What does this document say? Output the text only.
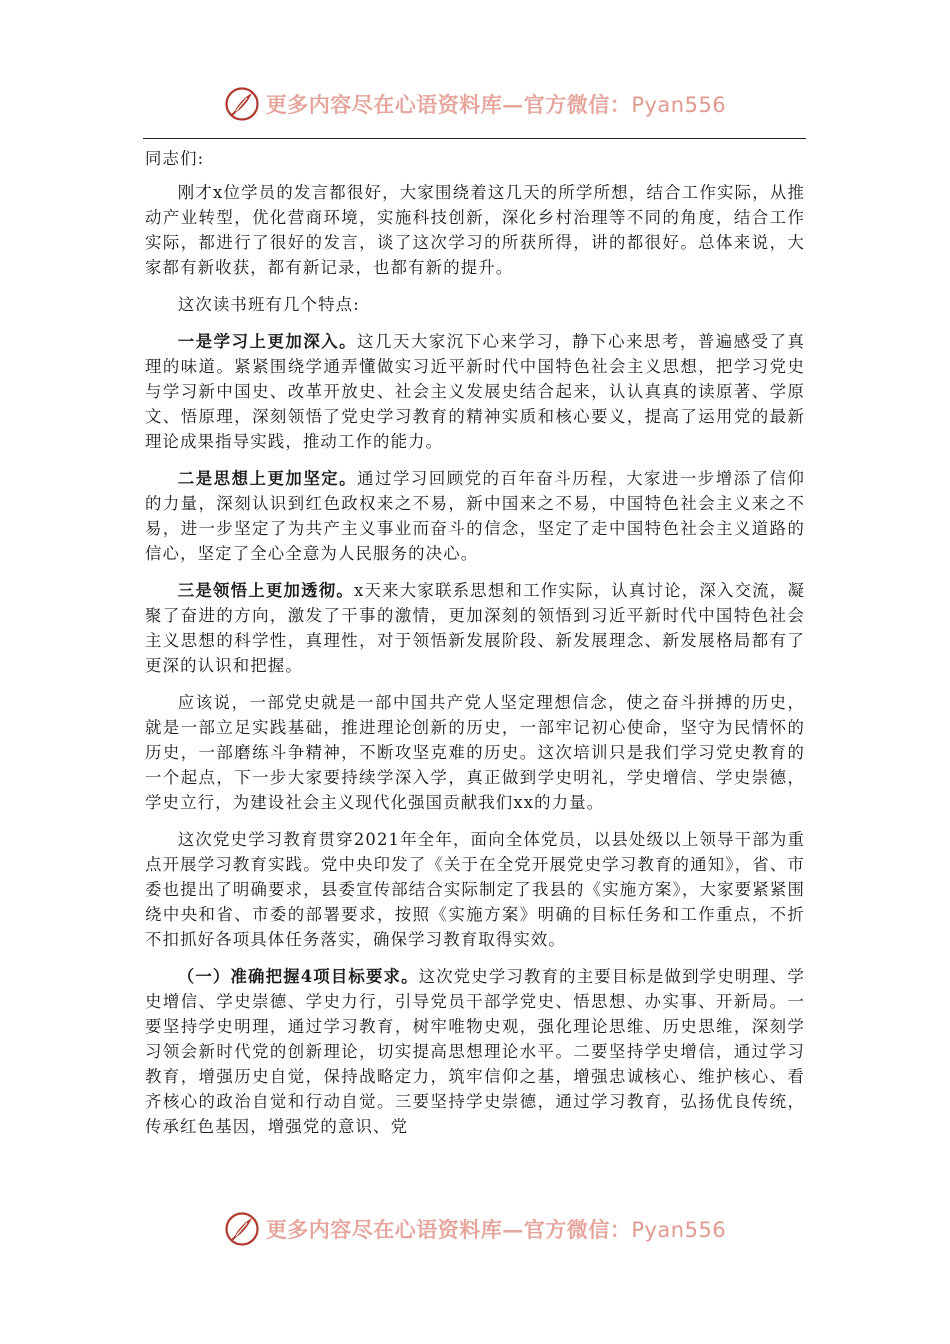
更多内容尽在心语资料库—官方微信：Pyan556

同志们:

刚才x位学员的发言都很好，大家围绕着这几天的所学所想，结合工作实际，从推动产业转型，优化营商环境，实施科技创新，深化乡村治理等不同的角度，结合工作实际，都进行了很好的发言，谈了这次学习的所获所得，讲的都很好。总体来说，大家都有新收获，都有新记录，也都有新的提升。

这次读书班有几个特点:

一是学习上更加深入。这几天大家沉下心来学习，静下心来思考，普遍感受了真理的味道。紧紧围绕学通弄懂做实习近平新时代中国特色社会主义思想，把学习党史与学习新中国史、改革开放史、社会主义发展史结合起来，认认真真的读原著、学原文、悟原理，深刻领悟了党史学习教育的精神实质和核心要义，提高了运用党的最新理论成果指导实践，推动工作的能力。

二是思想上更加坚定。通过学习回顾党的百年奋斗历程，大家进一步增添了信仰的力量，深刻认识到红色政权来之不易，新中国来之不易，中国特色社会主义来之不易，进一步坚定了为共产主义事业而奋斗的信念，坚定了走中国特色社会主义道路的信心，坚定了全心全意为人民服务的决心。

三是领悟上更加透彻。x天来大家联系思想和工作实际，认真讨论，深入交流，凝聚了奋进的方向，激发了干事的激情，更加深刻的领悟到习近平新时代中国特色社会主义思想的科学性，真理性，对于领悟新发展阶段、新发展理念、新发展格局都有了更深的认识和把握。

应该说，一部党史就是一部中国共产党人坚定理想信念，使之奋斗拼搏的历史，就是一部立足实践基础，推进理论创新的历史，一部牢记初心使命，坚守为民情怀的历史，一部磨练斗争精神，不断攻坚克难的历史。这次培训只是我们学习党史教育的一个起点，下一步大家要持续学深入学，真正做到学史明礼，学史增信、学史崇德，学史立行，为建设社会主义现代化强国贡献我们xx的力量。

这次党史学习教育贯穿2021年全年，面向全体党员，以县处级以上领导干部为重点开展学习教育实践。党中央印发了《关于在全党开展党史学习教育的通知》，省、市委也提出了明确要求，县委宣传部结合实际制定了我县的《实施方案》，大家要紧紧围绕中央和省、市委的部署要求，按照《实施方案》明确的目标任务和工作重点，不折不扣抓好各项具体任务落实，确保学习教育取得实效。

（一）准确把握4项目标要求。这次党史学习教育的主要目标是做到学史明理、学史增信、学史崇德、学史力行，引导党员干部学党史、悟思想、办实事、开新局。一要坚持学史明理，通过学习教育，树牢唯物史观，强化理论思维、历史思维，深刻学习领会新时代党的创新理论，切实提高思想理论水平。二要坚持学史增信，通过学习教育，增强历史自觉，保持战略定力，筑牢信仰之基，增强忠诚核心、维护核心、看齐核心的政治自觉和行动自觉。三要坚持学史崇德，通过学习教育，弘扬优良传统，传承红色基因，增强党的意识、党

更多内容尽在心语资料库—官方微信：Pyan556
